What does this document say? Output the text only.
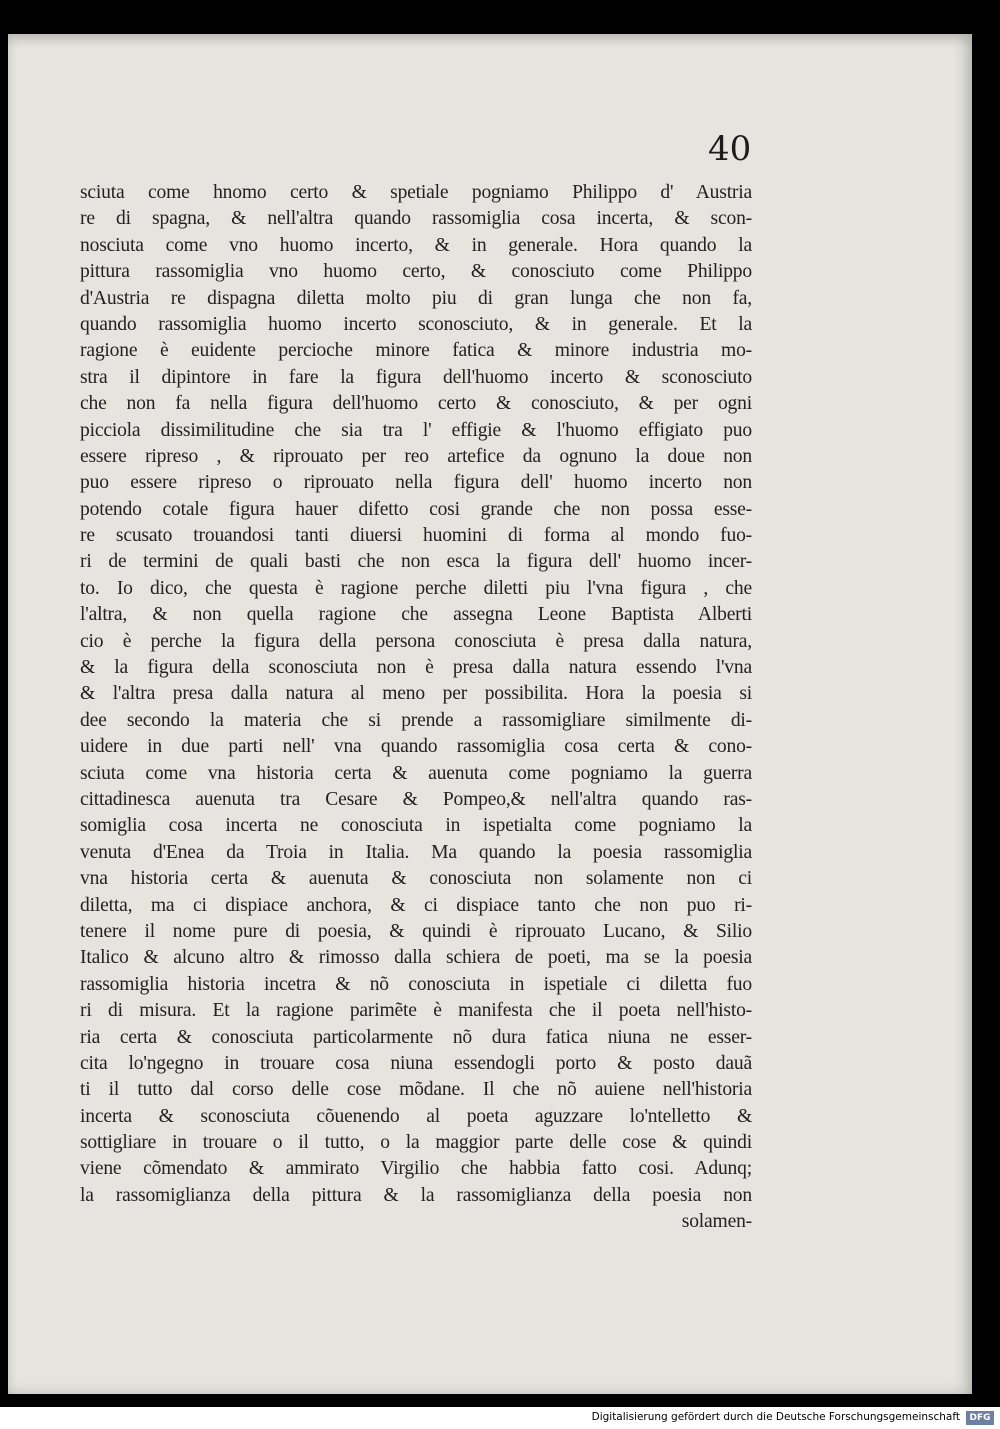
40
sciuta come hnomo certo & spetiale pogniamo Philippo d' Austria
re di spagna, & nell'altra quando rassomiglia cosa incerta, & scon-
nosciuta come vno huomo incerto, & in generale. Hora quando la
pittura rassomiglia vno huomo certo, & conosciuto come Philippo
d'Austria re dispagna diletta molto piu di gran lunga che non fa,
quando rassomiglia huomo incerto sconosciuto, & in generale. Et la
ragione è euidente percioche minore fatica & minore industria mo-
stra il dipintore in fare la figura dell'huomo incerto & sconosciuto
che non fa nella figura dell'huomo certo & conosciuto, & per ogni
picciola dissimilitudine che sia tra l' effigie & l'huomo effigiato puo
essere ripreso , & riprouato per reo artefice da ognuno la doue non
puo essere ripreso o riprouato nella figura dell' huomo incerto non
potendo cotale figura hauer difetto cosi grande che non possa esse-
re scusato trouandosi tanti diuersi huomini di forma al mondo fuo-
ri de termini de quali basti che non esca la figura dell' huomo incer-
to. Io dico, che questa è ragione perche diletti piu l'vna figura , che
l'altra, & non quella ragione che assegna Leone Baptista Alberti
cio è perche la figura della persona conosciuta è presa dalla natura,
& la figura della sconosciuta non è presa dalla natura essendo l'vna
& l'altra presa dalla natura al meno per possibilita. Hora la poesia si
dee secondo la materia che si prende a rassomigliare similmente di-
uidere in due parti nell' vna quando rassomiglia cosa certa & cono-
sciuta come vna historia certa & auenuta come pogniamo la guerra
cittadinesca auenuta tra Cesare & Pompeo,& nell'altra quando ras-
somiglia cosa incerta ne conosciuta in ispetialta come pogniamo la
venuta d'Enea da Troia in Italia. Ma quando la poesia rassomiglia
vna historia certa & auenuta & conosciuta non solamente non ci
diletta, ma ci dispiace anchora, & ci dispiace tanto che non puo ri-
tenere il nome pure di poesia, & quindi è riprouato Lucano, & Silio
Italico & alcuno altro & rimosso dalla schiera de poeti, ma se la poesia
rassomiglia historia incetra & nõ conosciuta in ispetiale ci diletta fuo
ri di misura. Et la ragione parimẽte è manifesta che il poeta nell'histo-
ria certa & conosciuta particolarmente nõ dura fatica niuna ne esser-
cita lo'ngegno in trouare cosa niuna essendogli porto & posto dauã
ti il tutto dal corso delle cose mõdane. Il che nõ auiene nell'historia
incerta & sconosciuta cõuenendo al poeta aguzzare lo'ntelletto &
sottigliare in trouare o il tutto, o la maggior parte delle cose & quindi
viene cõmendato & ammirato Virgilio che habbia fatto cosi. Adunq;
la rassomiglianza della pittura & la rassomiglianza della poesia non
solamen-
Digitalisierung gefördert durch die Deutsche Forschungsgemeinschaft	DFG
